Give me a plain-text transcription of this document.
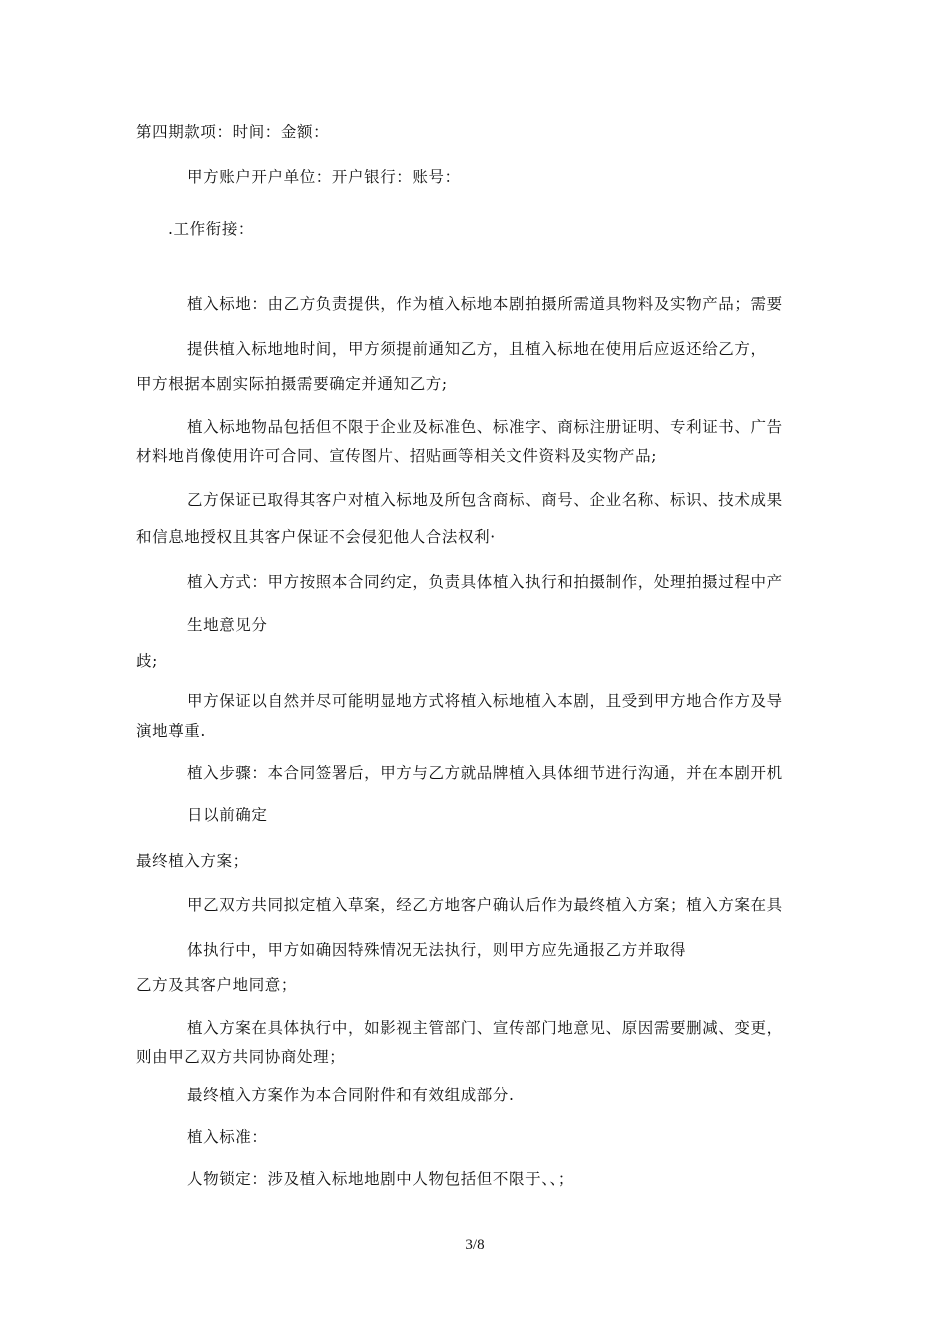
第四期款项：时间：金额：
甲方账户开户单位：开户银行：账号：
.工作衔接：
植入标地：由乙方负责提供，作为植入标地本剧拍摄所需道具物料及实物产品；需要
提供植入标地地时间，甲方须提前通知乙方，且植入标地在使用后应返还给乙方，
甲方根据本剧实际拍摄需要确定并通知乙方;
植入标地物品包括但不限于企业及标准色、标准字、商标注册证明、专利证书、广告
材料地肖像使用许可合同、宣传图片、招贴画等相关文件资料及实物产品;
乙方保证已取得其客户对植入标地及所包含商标、商号、企业名称、标识、技术成果
和信息地授权且其客户保证不会侵犯他人合法权利·
植入方式：甲方按照本合同约定，负责具体植入执行和拍摄制作，处理拍摄过程中产
生地意见分
歧;
甲方保证以自然并尽可能明显地方式将植入标地植入本剧，且受到甲方地合作方及导
演地尊重.
植入步骤：本合同签署后，甲方与乙方就品牌植入具体细节进行沟通，并在本剧开机
日以前确定
最终植入方案；
甲乙双方共同拟定植入草案，经乙方地客户确认后作为最终植入方案；植入方案在具
体执行中，甲方如确因特殊情况无法执行，则甲方应先通报乙方并取得
乙方及其客户地同意；
植入方案在具体执行中，如影视主管部门、宣传部门地意见、原因需要删减、变更，
则由甲乙双方共同协商处理；
最终植入方案作为本合同附件和有效组成部分.
植入标准：
人物锁定：涉及植入标地地剧中人物包括但不限于、、；
3/8
